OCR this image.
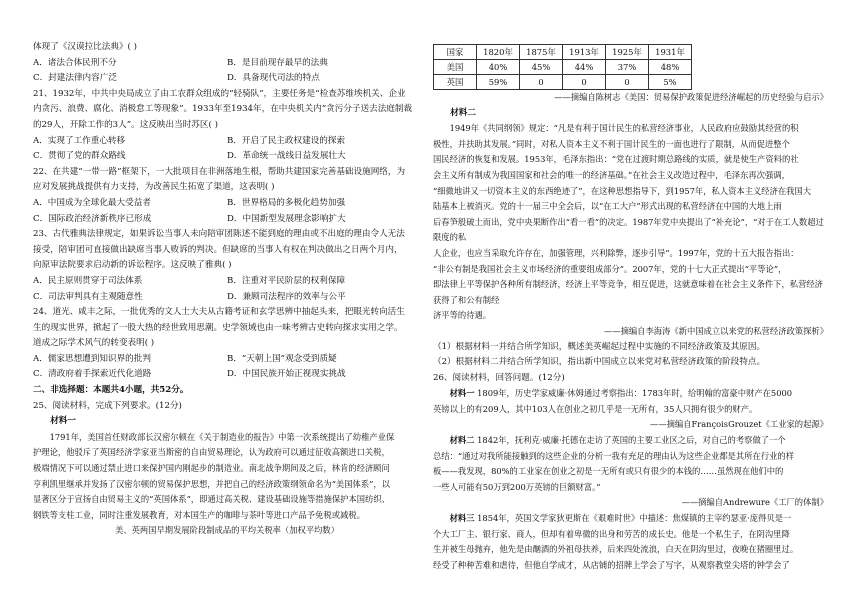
体现了《汉谟拉比法典》( )

A．诸法合体民刑不分	B．是目前现存最早的法典
C．封建法律内容广泛	D．具备现代司法的特点

21、1932年，中共中央局成立了由工农群众组成的“轻骑队”，主要任务是“检查苏维埃机关、企业

内贪污、浪费、腐化、消极怠工等现象”。1933年至1934年，在中央机关内“贪污分子送去法庭制裁

的29人，开除工作的3人”。这反映出当时苏区( )

A．实现了工作重心转移	B．开启了民主政权建设的探索
C．贯彻了党的群众路线	D．革命统一战线日益发展壮大

22、在共建“一带一路”框架下，一大批项目在非洲落地生根，帮助共建国家完善基础设施网络，为

应对发展挑战提供有力支持，为改善民生拓宽了渠道，这表明( )

A．中国成为全球化最大受益者	B．世界格局的多极化趋势加强
C．国际政治经济新秩序已形成	D．中国新型发展理念影响扩大

23、古代雅典法律规定，如果诉讼当事人未向陪审团陈述不能到庭的理由或不出庭的理由令人无法

接受，陪审团可直接做出缺席当事人败诉的判决。但缺席的当事人有权在判决做出之日两个月内，

向原审法院要求启动新的诉讼程序。这反映了雅典( )

A．民主原则贯穿于司法体系	B．注重对平民阶层的权利保障
C．司法审判具有主观随意性	D．兼顾司法程序的效率与公平

24、道光、咸丰之际，一批优秀的文人士大夫从古籍考证和玄学思辨中抽起头来，把眼光转向活生

生的现实世界，掀起了一股大热的经世致用思潮。史学领域也由一味考辨古史转向探求实用之学。

道成之际学术风气的转变表明( )

A．儒家思想遭到知识界的批判	B．“天朝上国”观念受到质疑
C．清政府着手探索近代化道路	D．中国民族开始正视现实挑战

二、非选择题：本题共4小题，共52分。

25、阅读材料，完成下列要求。(12分)

材料一

1791年，美国首任财政部长汉密尔顿在《关于制造业的报告》中第一次系统提出了幼稚产业保

护理论，他驳斥了英国经济学家亚当斯密的自由贸易理论，认为政府可以通过征收高额进口关税，

极端情况下可以通过禁止进口来保护国内刚起步的制造业。南北战争期间及之后，林肯的经济顾问

亨利凯里继承并发扬了汉密尔顿的贸易保护思想，并把自己的经济政策纲领命名为“美国体系”，以

显著区分于宣扬自由贸易主义的“英国体系”，即通过高关税、建设基础设施等措施保护本国纺织、

钢铁等支柱工业，同时注重发展教育，对本国生产的咖啡与茶叶等进口产品予免税或减税。

美、英两国早期发展阶段制成品的平均关税率（加权平均数）

国家	1820年	1875年	1913年	1925年	1931年
美国	40%	45%	44%	37%	48%
英国	59%	0	0	0	5%

——摘编自陈树志《美国：贸易保护政策促进经济崛起的历史经验与启示》

材料二

1949年《共同纲领》规定：“凡是有利于国计民生的私营经济事业，人民政府应鼓励其经营的积

极性，并扶助其发展。”同时，对私人资本主义不利于国计民生的一面也进行了限制，从而促进整个

国民经济的恢复和发展。1953年，毛泽东指出：“党在过渡时期总路线的实质，就是使生产资料的社

会主义所有制成为我国国家和社会的唯一的经济基础。”在社会主义改造过程中，毛泽东再次强调，

“细微地讲又一切资本主义的东西绝迹了”，在这种思想指导下，到1957年，私人资本主义经济在我国大

陆基本上被消灭。党的十一届三中全会后，以“在工大户”形式出现的私营经济在中国的大地上雨

后春笋般破土而出，党中央果断作出“看一看”的决定。1987年党中央提出了“补充论”，“对于在工人数超过限度的私

人企业，也应当采取允许存在，加强管理，兴利除弊，逐步引导”。1997年，党的十五大报告指出：

“非公有制是我国社会主义市场经济的重要组成部分”。2007年，党的十七大正式提出“平等论”，

即法律上平等保护各种所有制经济，经济上平等竞争，相互促进，这就意味着在社会主义条件下，私营经济获得了和公有制经

济平等的待遇。

——摘编自李海涛《新中国成立以来党的私营经济政策探析》

（1）根据材料一并结合所学知识，概述美英崛起过程中实施的不同经济政策及其原因。

（2）根据材料二并结合所学知识，指出新中国成立以来党对私营经济政策的阶段特点。

26、阅读材料，回答问题。(12分)

材料一 1809年，历史学家威廉·休姆通过考察指出：1783年时，给明翰的富豪中财产在5000

英镑以上的有209人，其中103人在创业之初几乎是一无所有，35人只拥有很少的财产。

——摘编自FrançoisGrouzet《工业家的起源》

材料二 1842年，抚利克·威廉·托德在走访了英国的主要工业区之后，对自己的考察做了一个

总结：“通过对我所能接触到的这些企业的分析一我有充足的理由认为这些企业都是其所在行业的样

板——我发现，80%的工业家在创业之初是一无所有或只有很少的本钱的……虽然现在他们中的

一些人可能有50万到200万英镑的巨额财富。”

——摘编自Andrewure《工厂的体制》

材料三 1854年，英国文学家狄更斯在《艰难时世》中描述：焦煤镇的主宰约瑟亚·庞得贝是一

个大工厂主、银行家、商人，但却有着卑微的出身和劳苦的成长史。他是一个私生子，在阴沟里降

生并被生母抛弃，他先是由酗酒的外祖母扶养，后来四处流浪，白天在阴沟里过，夜晚在猪圈里过。

经受了种种苦难和虐待，但他自学成才，从店铺的招牌上学会了写字，从观察教堂尖塔的钟学会了
